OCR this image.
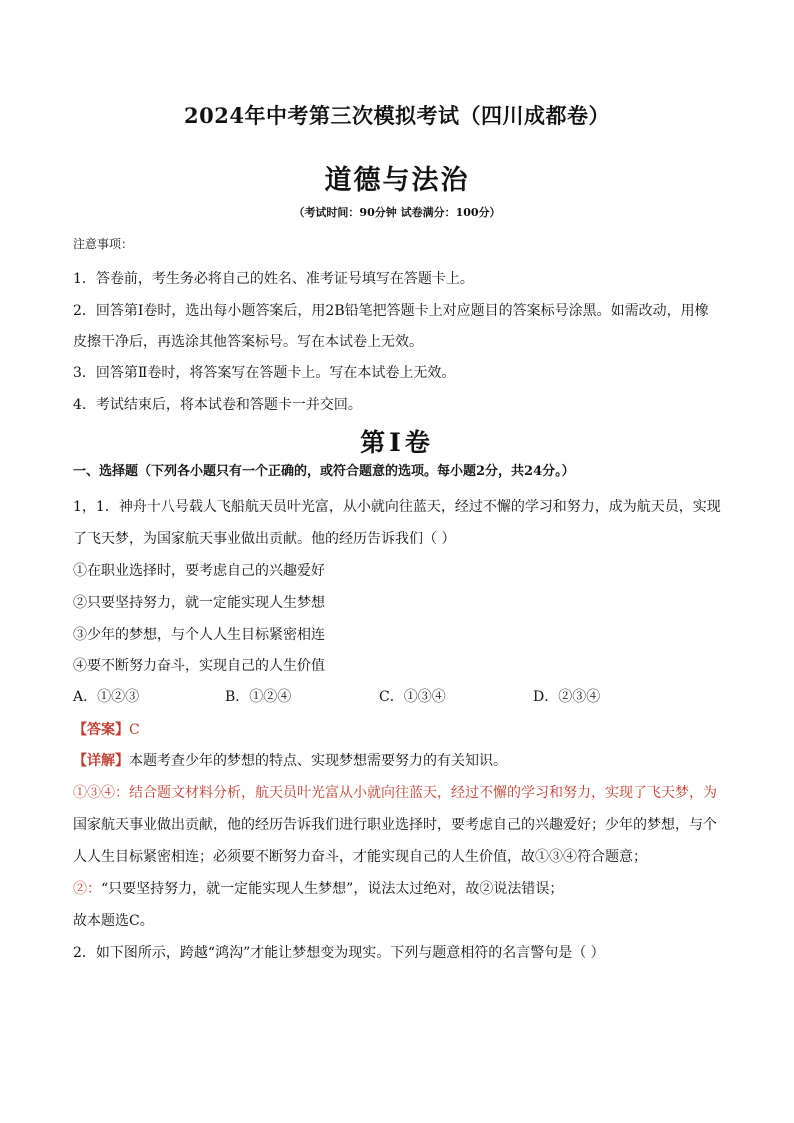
2024年中考第三次模拟考试（四川成都卷）
道德与法治
（考试时间：90分钟 试卷满分：100分）
注意事项：
1．答卷前，考生务必将自己的姓名、准考证号填写在答题卡上。
2．回答第Ⅰ卷时，选出每小题答案后，用2B铅笔把答题卡上对应题目的答案标号涂黑。如需改动，用橡
皮擦干净后，再选涂其他答案标号。写在本试卷上无效。
3．回答第Ⅱ卷时，将答案写在答题卡上。写在本试卷上无效。
4．考试结束后，将本试卷和答题卡一并交回。
第Ⅰ卷
一、选择题（下列各小题只有一个正确的，或符合题意的选项。每小题2分，共24分。）
1，1．神舟十八号载人飞船航天员叶光富，从小就向往蓝天，经过不懈的学习和努力，成为航天员，实现
了飞天梦，为国家航天事业做出贡献。他的经历告诉我们（ ）
①在职业选择时，要考虑自己的兴趣爱好
②只要坚持努力，就一定能实现人生梦想
③少年的梦想，与个人人生目标紧密相连
④要不断努力奋斗，实现自己的人生价值
A．①②③	B．①②④	C．①③④	D．②③④
【答案】C
【详解】本题考查少年的梦想的特点、实现梦想需要努力的有关知识。
①③④：结合题文材料分析，航天员叶光富从小就向往蓝天，经过不懈的学习和努力，实现了飞天梦，为
国家航天事业做出贡献，他的经历告诉我们进行职业选择时，要考虑自己的兴趣爱好；少年的梦想，与个
人人生目标紧密相连；必须要不断努力奋斗，才能实现自己的人生价值，故①③④符合题意；
②：“只要坚持努力，就一定能实现人生梦想”，说法太过绝对，故②说法错误；
故本题选C。
2．如下图所示，跨越“鸿沟”才能让梦想变为现实。下列与题意相符的名言警句是（ ）
